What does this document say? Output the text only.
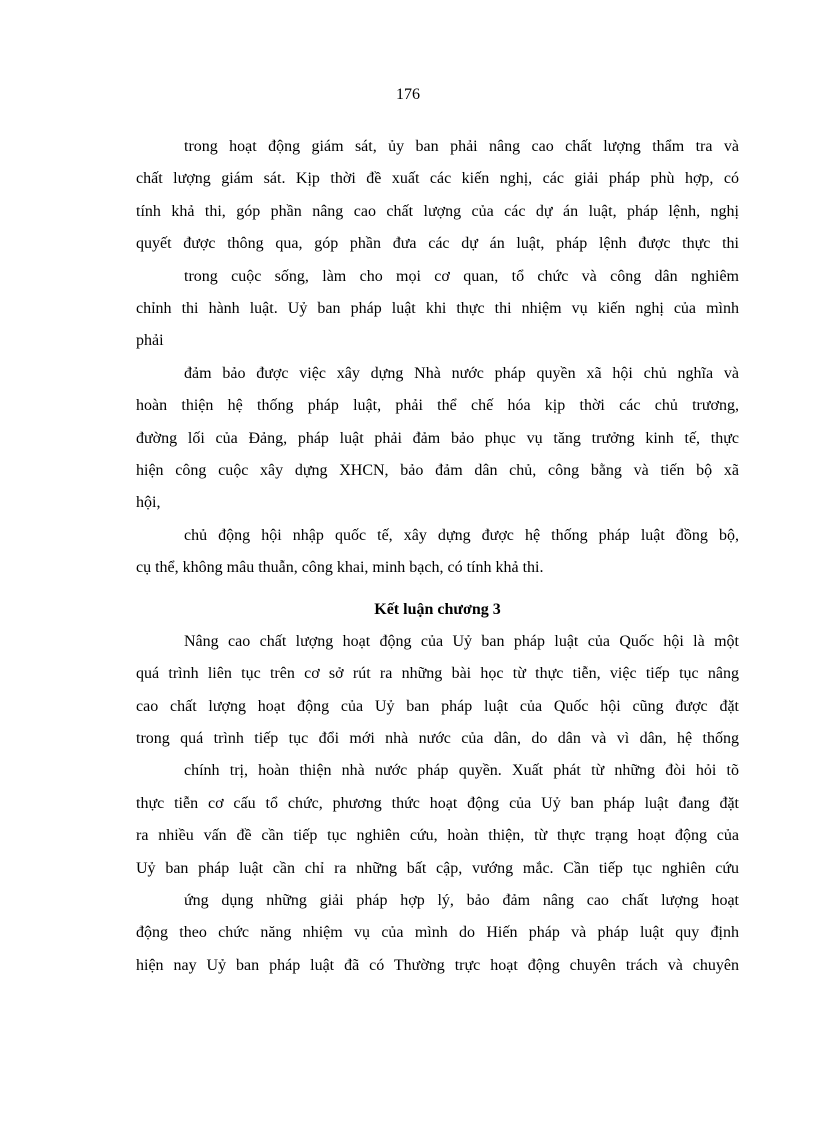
176
trong hoạt động giám sát, ủy ban phải nâng cao chất lượng thẩm tra và
chất lượng giám sát. Kịp thời đề xuất các kiến nghị, các giải pháp phù hợp, có
tính khả thi, góp phần nâng cao chất lượng của các dự án luật, pháp lệnh, nghị
quyết được thông qua, góp phần đưa các dự án luật, pháp lệnh được thực thi
trong cuộc sống, làm cho mọi cơ quan, tổ chức và công dân nghiêm
chỉnh thi hành luật. Uỷ ban pháp luật khi thực thi nhiệm vụ kiến nghị của mình
phải
đảm bảo được việc xây dựng Nhà nước pháp quyền xã hội chủ nghĩa và
hoàn thiện hệ thống pháp luật, phải thể chế hóa kịp thời các chủ trương,
đường lối của Đảng, pháp luật phải đảm bảo phục vụ tăng trưởng kinh tế, thực
hiện công cuộc xây dựng XHCN, bảo đảm dân chủ, công bằng và tiến bộ xã
hội,
chủ động hội nhập quốc tế, xây dựng được hệ thống pháp luật đồng bộ,
cụ thể, không mâu thuẫn, công khai, minh bạch, có tính khả thi.
Kết luận chương 3
Nâng cao chất lượng hoạt động của Uỷ ban pháp luật của Quốc hội là một
quá trình liên tục trên cơ sở rút ra những bài học từ thực tiễn, việc tiếp tục nâng
cao chất lượng hoạt động của Uỷ ban pháp luật của Quốc hội cũng được đặt
trong quá trình tiếp tục đổi mới nhà nước của dân, do dân và vì dân, hệ thống
chính trị, hoàn thiện nhà nước pháp quyền. Xuất phát từ những đòi hỏi tõ
thực tiễn cơ cấu tổ chức, phương thức hoạt động của Uỷ ban pháp luật đang đặt
ra nhiều vấn đề cần tiếp tục nghiên cứu, hoàn thiện, từ thực trạng hoạt động của
Uỷ ban pháp luật cần chỉ ra những bất cập, vướng mắc. Cần tiếp tục nghiên cứu
ứng dụng những giải pháp hợp lý, bảo đảm nâng cao chất lượng hoạt
động theo chức năng nhiệm vụ của mình do Hiến pháp và pháp luật quy định
hiện nay Uỷ ban pháp luật đã có Thường trực hoạt động chuyên trách và chuyên
